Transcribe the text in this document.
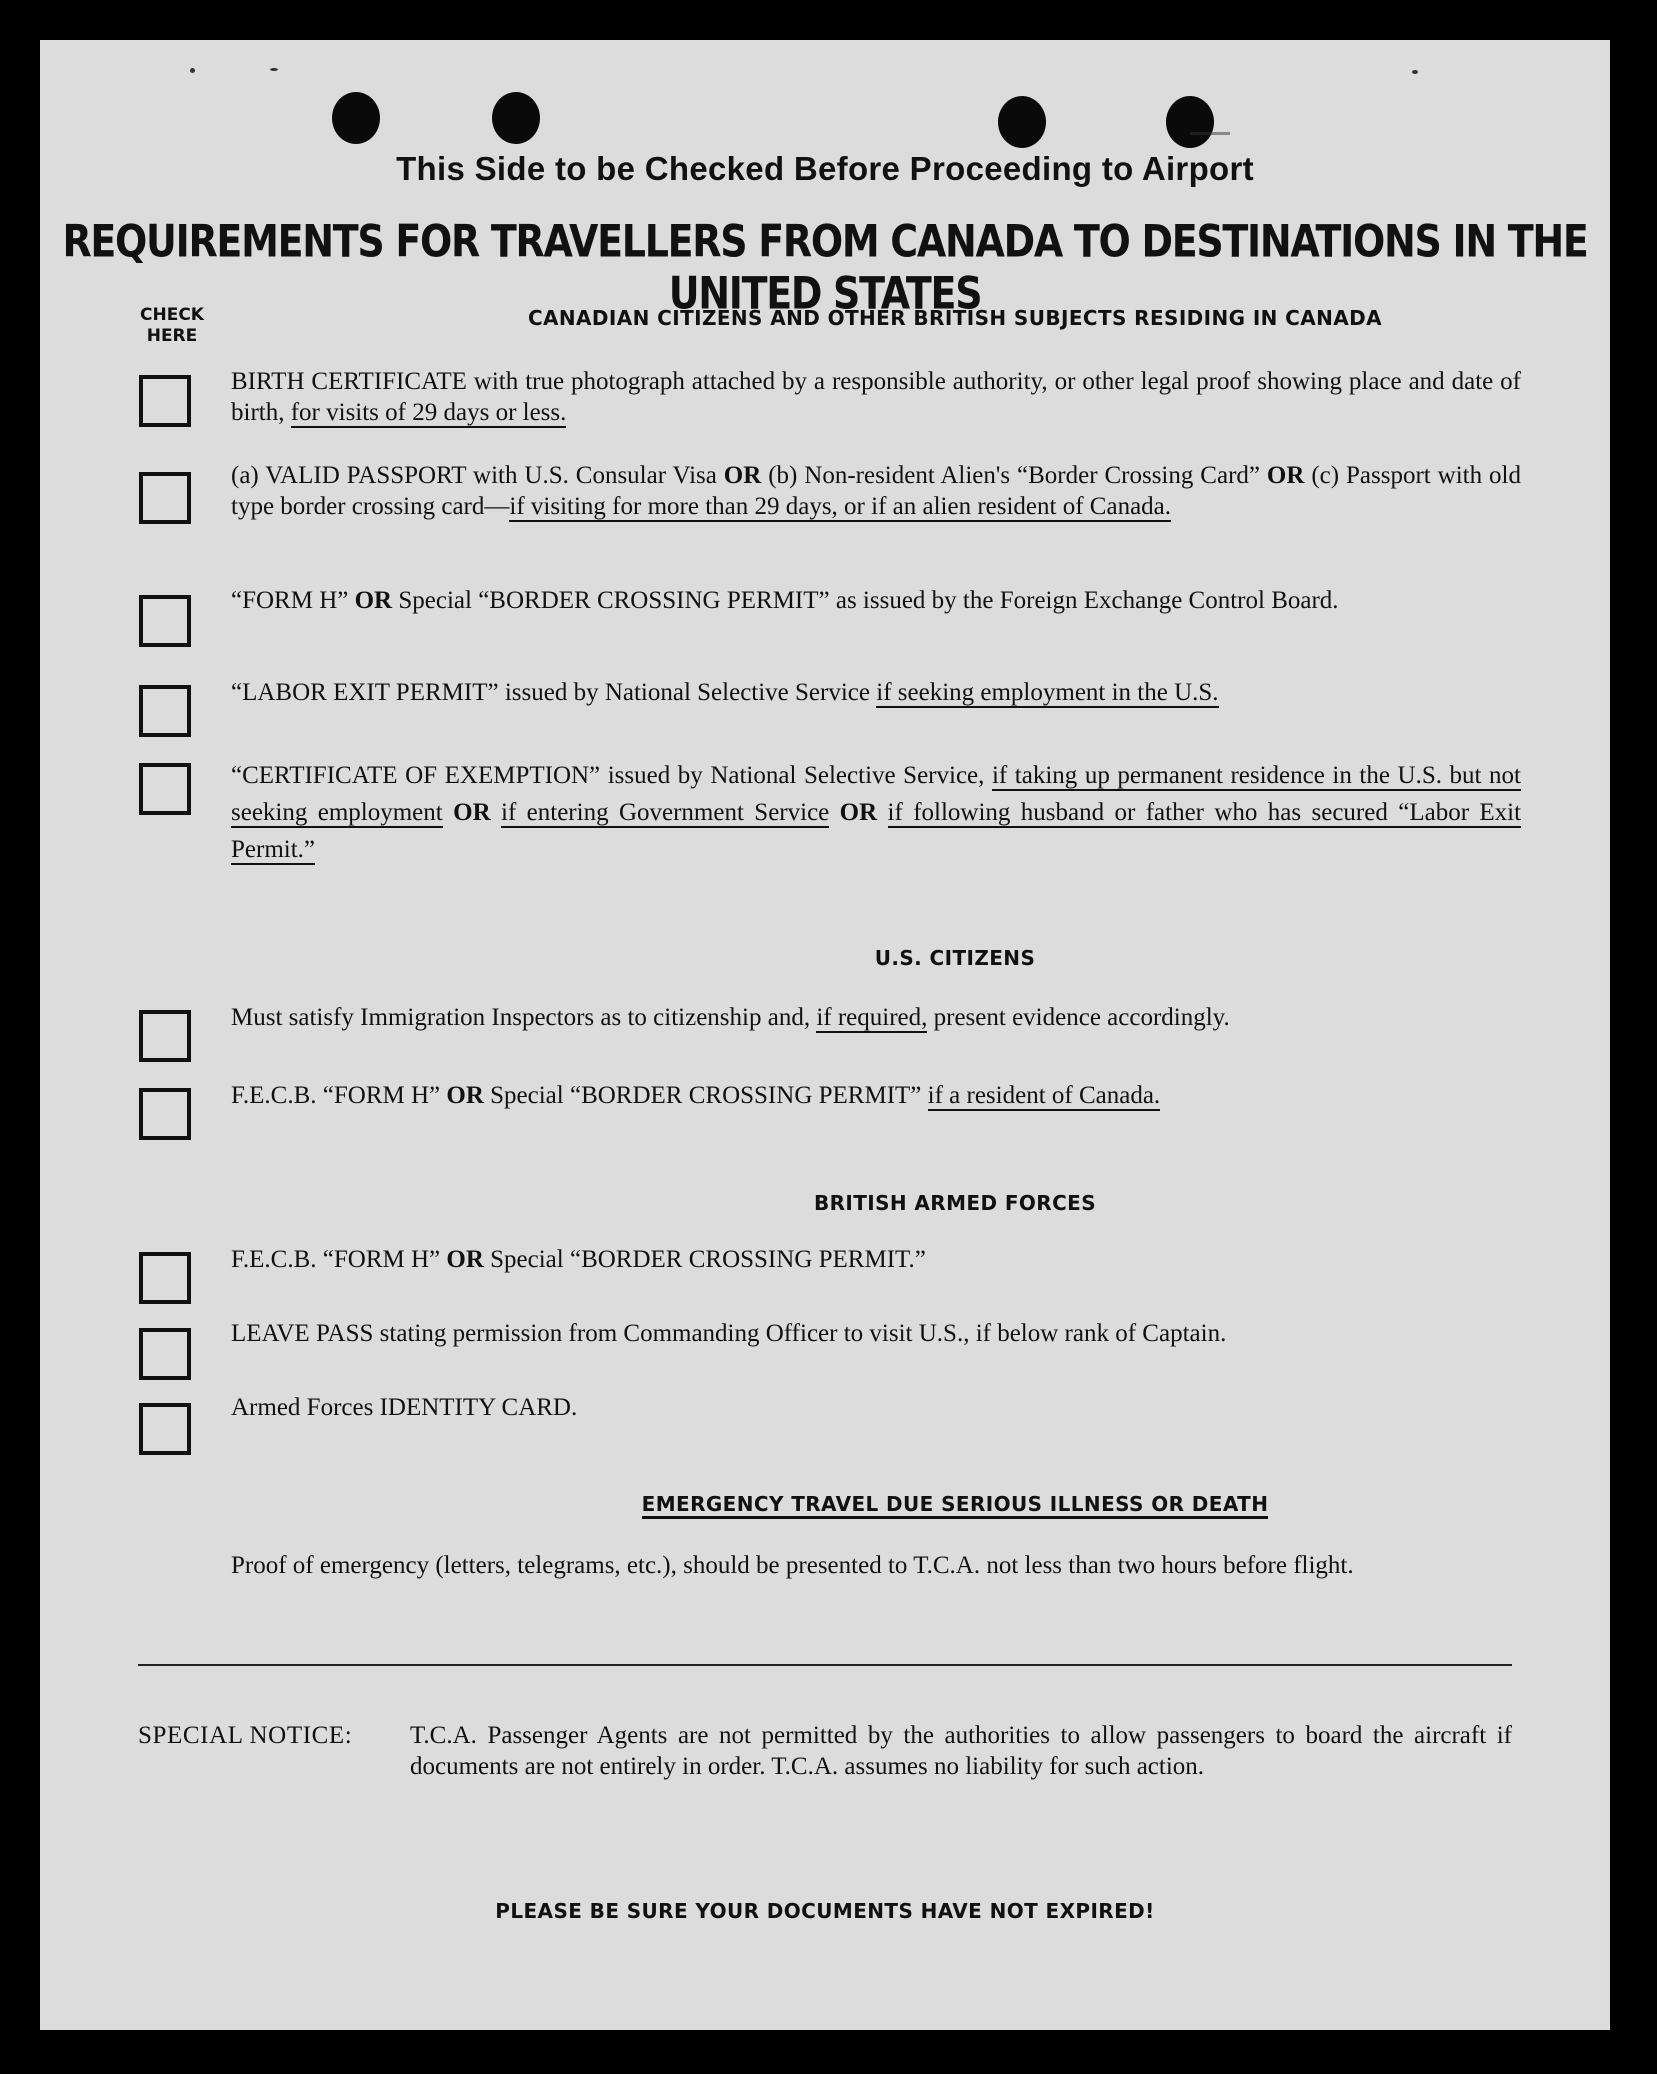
This Side to be Checked Before Proceeding to Airport
REQUIREMENTS FOR TRAVELLERS FROM CANADA TO DESTINATIONS IN THE UNITED STATES
CHECK
HERE
CANADIAN CITIZENS AND OTHER BRITISH SUBJECTS RESIDING IN CANADA
BIRTH CERTIFICATE with true photograph attached by a responsible authority, or other legal proof showing place and date of birth, for visits of 29 days or less.
(a) VALID PASSPORT with U.S. Consular Visa OR (b) Non-resident Alien's “Border Crossing Card” OR (c) Passport with old type border crossing card—if visiting for more than 29 days, or if an alien resident of Canada.
“FORM H” OR Special “BORDER CROSSING PERMIT” as issued by the Foreign Exchange Control Board.
“LABOR EXIT PERMIT” issued by National Selective Service if seeking employment in the U.S.
“CERTIFICATE OF EXEMPTION” issued by National Selective Service, if taking up permanent residence in the U.S. but not seeking employment OR if entering Government Service OR if following husband or father who has secured “Labor Exit Permit.”
U.S. CITIZENS
Must satisfy Immigration Inspectors as to citizenship and, if required, present evidence accordingly.
F.E.C.B. “FORM H” OR Special “BORDER CROSSING PERMIT” if a resident of Canada.
BRITISH ARMED FORCES
F.E.C.B. “FORM H” OR Special “BORDER CROSSING PERMIT.”
LEAVE PASS stating permission from Commanding Officer to visit U.S., if below rank of Captain.
Armed Forces IDENTITY CARD.
EMERGENCY TRAVEL DUE SERIOUS ILLNESS OR DEATH
Proof of emergency (letters, telegrams, etc.), should be presented to T.C.A. not less than two hours before flight.
SPECIAL NOTICE: T.C.A. Passenger Agents are not permitted by the authorities to allow passengers to board the aircraft if documents are not entirely in order. T.C.A. assumes no liability for such action.
PLEASE BE SURE YOUR DOCUMENTS HAVE NOT EXPIRED!
